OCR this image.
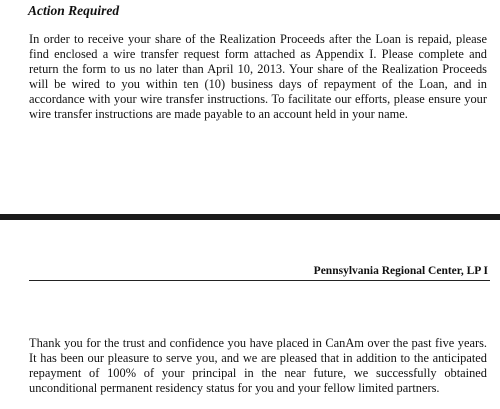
Action Required

In order to receive your share of the Realization Proceeds after the Loan is repaid, please find enclosed a wire transfer request form attached as Appendix I. Please complete and return the form to us no later than April 10, 2013. Your share of the Realization Proceeds will be wired to you within ten (10) business days of repayment of the Loan, and in accordance with your wire transfer instructions. To facilitate our efforts, please ensure your wire transfer instructions are made payable to an account held in your name.

Pennsylvania Regional Center, LP I

Thank you for the trust and confidence you have placed in CanAm over the past five years. It has been our pleasure to serve you, and we are pleased that in addition to the anticipated repayment of 100% of your principal in the near future, we successfully obtained unconditional permanent residency status for you and your fellow limited partners.
